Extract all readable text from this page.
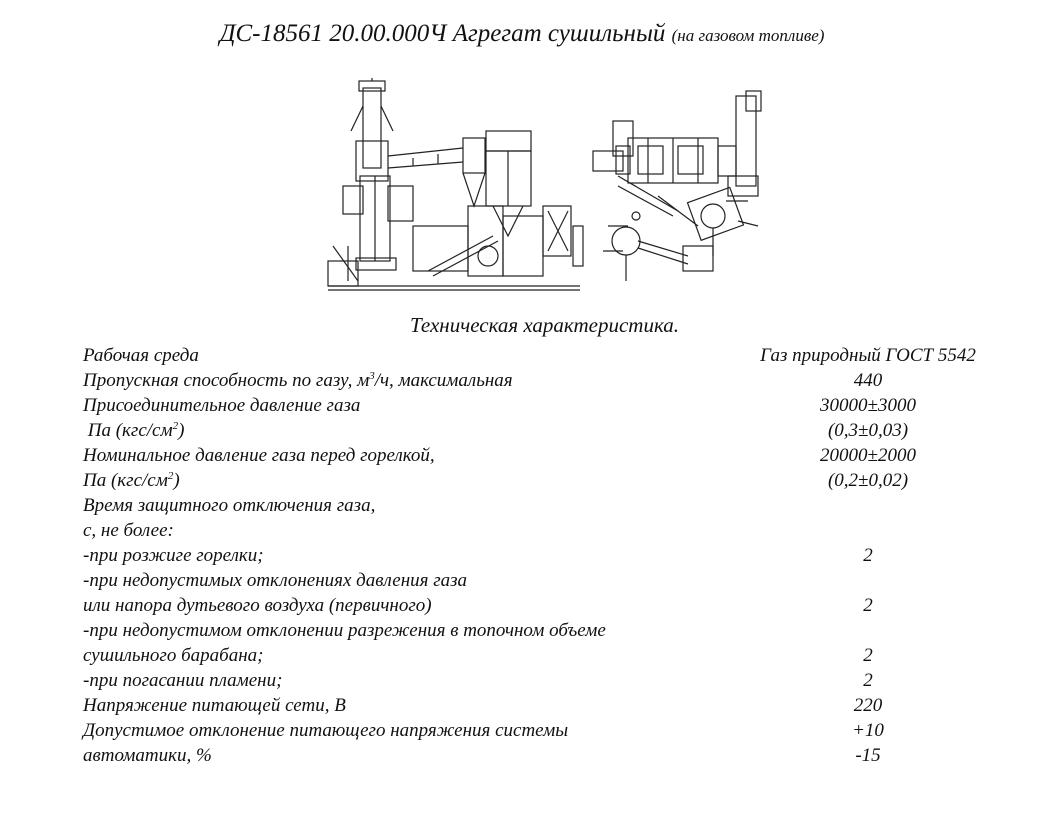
ДС-18561 20.00.000Ч Агрегат сушильный (на газовом топливе)
Техническая характеристика.
Рабочая среда	Газ природный ГОСТ 5542
Пропускная способность по газу, $м^3/ч$, максимальная	440
Присоединительное давление газа	30000±3000
Па $(кгс/см^2)$	(0,3±0,03)
Номинальное давление газа перед горелкой,	20000±2000
Па $(кгс/см^2)$	(0,2±0,02)
Время защитного отключения газа,
с, не более:
-при розжиге горелки;	2
-при недопустимых отклонениях давления газа
или напора дутьевого воздуха (первичного)	2
-при недопустимом отклонении разрежения в топочном объеме
сушильного барабана;	2
-при погасании пламени;	2
Напряжение питающей сети, В	220
Допустимое отклонение питающего напряжения системы	+10
автоматики, %	-15
